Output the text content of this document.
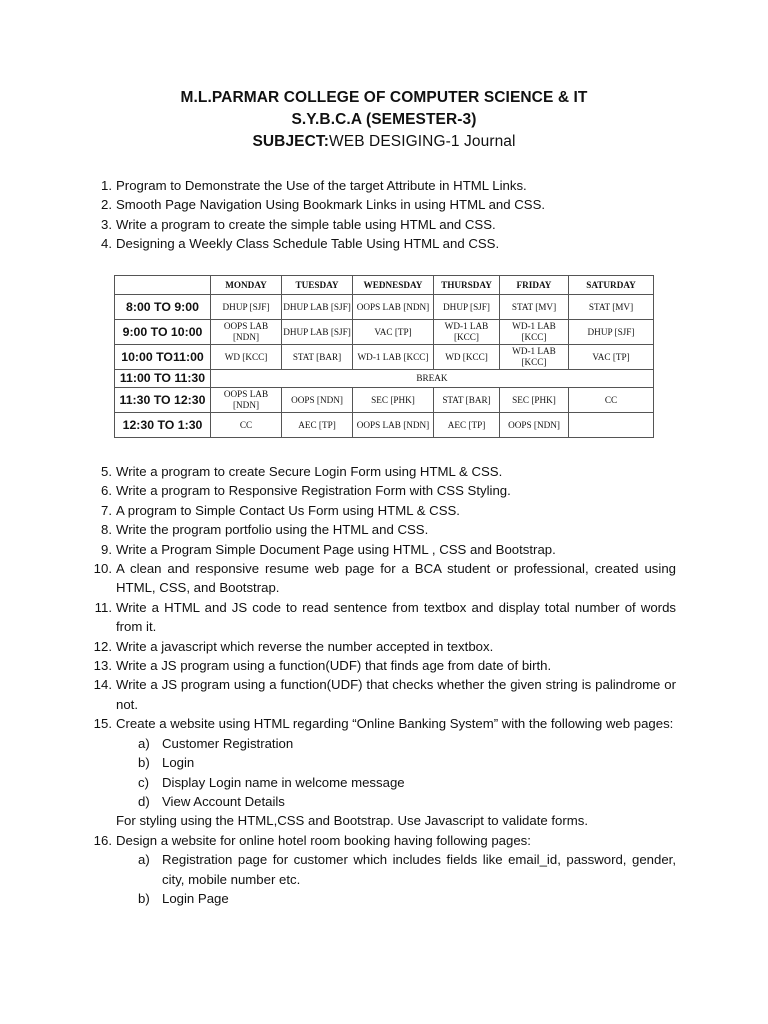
M.L.PARMAR COLLEGE OF COMPUTER SCIENCE & IT
S.Y.B.C.A (SEMESTER-3)
SUBJECT:WEB DESIGING-1 Journal
1. Program to Demonstrate the Use of the target Attribute in HTML Links.
2. Smooth Page Navigation Using Bookmark Links in using HTML and CSS.
3. Write a program to create the simple table using HTML and CSS.
4. Designing a Weekly Class Schedule Table Using HTML and CSS.
	MONDAY	TUESDAY	WEDNESDAY	THURSDAY	FRIDAY	SATURDAY
8:00 TO 9:00	DHUP [SJF]	DHUP LAB [SJF]	OOPS LAB [NDN]	DHUP [SJF]	STAT [MV]	STAT [MV]
9:00 TO 10:00	OOPS LAB [NDN]	DHUP LAB [SJF]	VAC [TP]	WD-1 LAB [KCC]	WD-1 LAB [KCC]	DHUP [SJF]
10:00 TO11:00	WD [KCC]	STAT [BAR]	WD-1 LAB [KCC]	WD [KCC]	WD-1 LAB [KCC]	VAC [TP]
11:00 TO 11:30	BREAK					
11:30 TO 12:30	OOPS LAB [NDN]	OOPS [NDN]	SEC [PHK]	STAT [BAR]	SEC [PHK]	CC
12:30 TO 1:30	CC	AEC [TP]	OOPS LAB [NDN]	AEC [TP]	OOPS [NDN]	
5. Write a program to create Secure Login Form using HTML & CSS.
6. Write a program to Responsive Registration Form with CSS Styling.
7. A program to Simple Contact Us Form using HTML & CSS.
8. Write the program portfolio using the HTML and CSS.
9. Write a Program Simple Document Page using HTML , CSS and Bootstrap.
10. A clean and responsive resume web page for a BCA student or professional, created using HTML, CSS, and Bootstrap.
11. Write a HTML and JS code to read sentence from textbox and display total number of words from it.
12. Write a javascript which reverse the number accepted in textbox.
13. Write a JS program using a function(UDF) that finds age from date of birth.
14. Write a JS program using a function(UDF) that checks whether the given string is palindrome or not.
15. Create a website using HTML regarding “Online Banking System” with the following web pages:
a) Customer Registration
b) Login
c) Display Login name in welcome message
d) View Account Details
For styling using the HTML,CSS and Bootstrap. Use Javascript to validate forms.
16. Design a website for online hotel room booking having following pages:
a) Registration page for customer which includes fields like email_id, password, gender, city, mobile number etc.
b) Login Page
